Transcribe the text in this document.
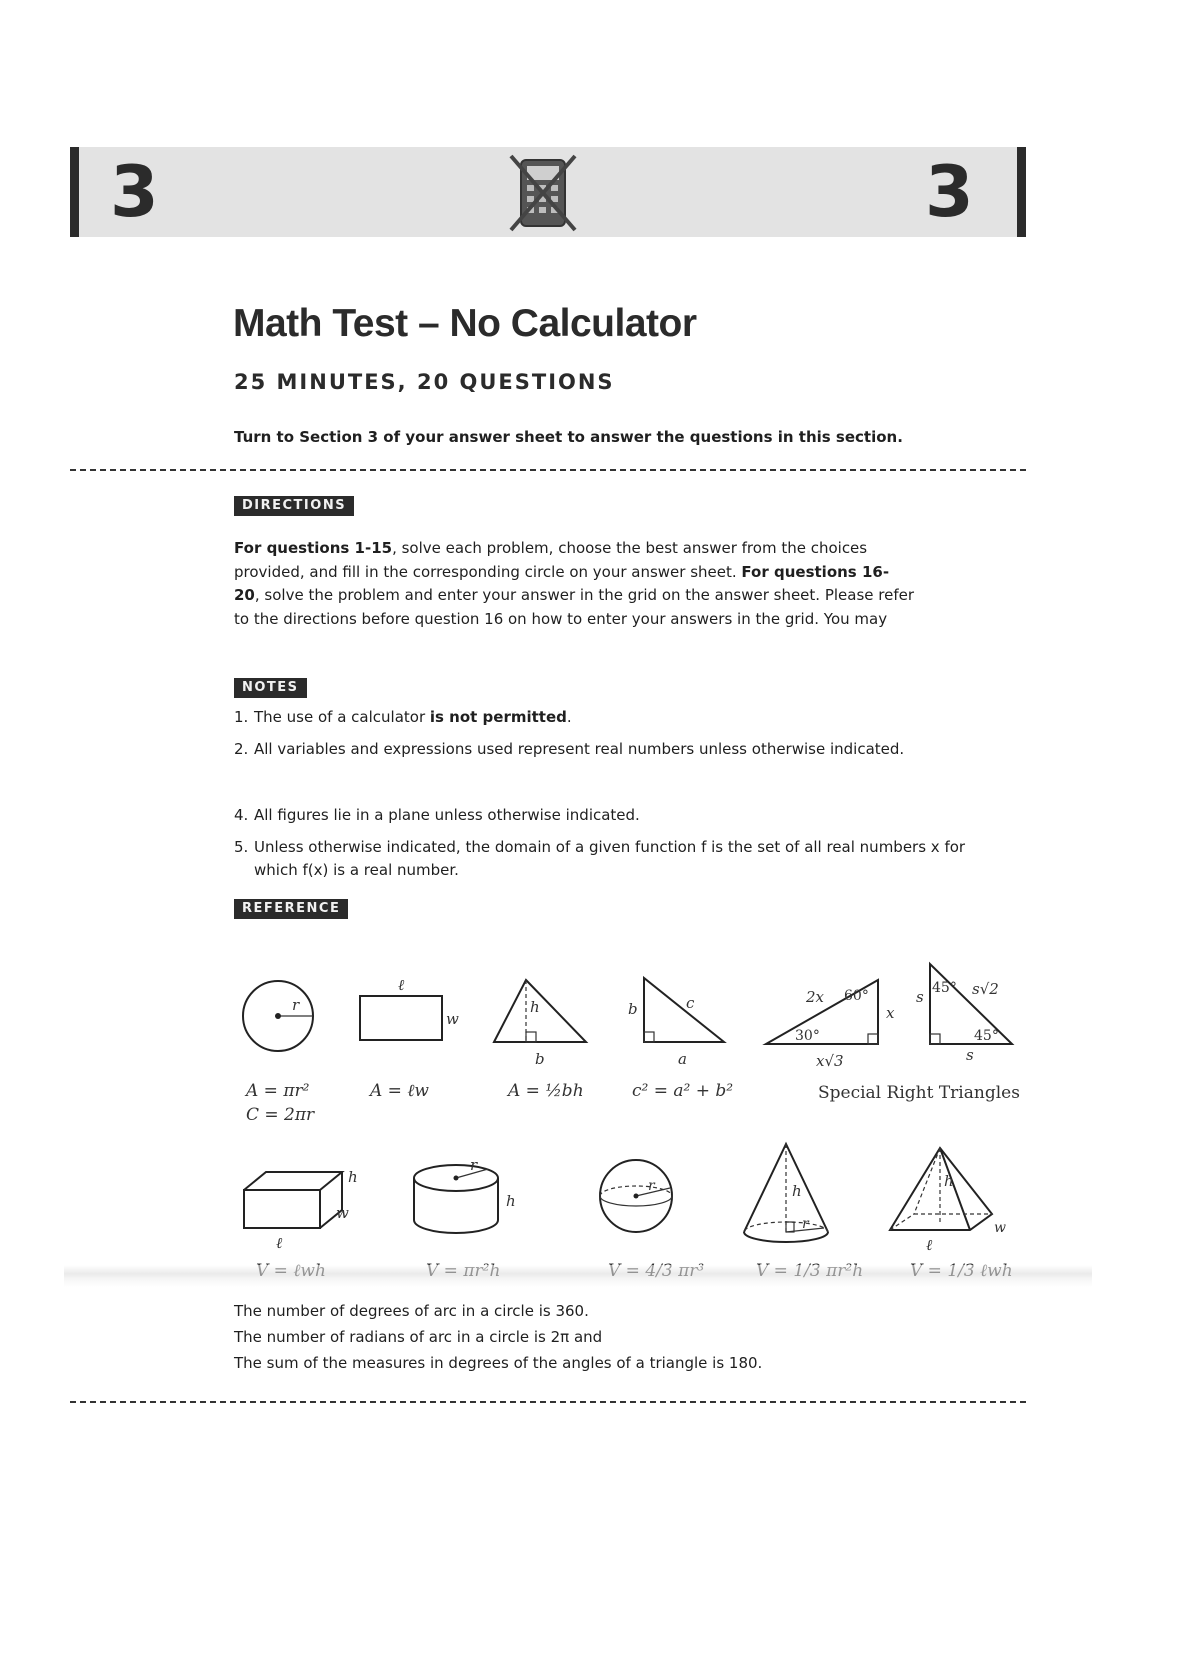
3	3
Math Test – No Calculator
25 MINUTES, 20 QUESTIONS
Turn to Section 3 of your answer sheet to answer the questions in this section.
DIRECTIONS
For questions 1-15, solve each problem, choose the best answer from the choices
provided, and fill in the corresponding circle on your answer sheet. For questions 16-
20, solve the problem and enter your answer in the grid on the answer sheet. Please refer
to the directions before question 16 on how to enter your answers in the grid. You may
NOTES
1. The use of a calculator is not permitted.
2. All variables and expressions used represent real numbers unless otherwise indicated.
4. All figures lie in a plane unless otherwise indicated.
5. Unless otherwise indicated, the domain of a given function f is the set of all real numbers x for
which f(x) is a real number.
REFERENCE
r
A = πr²
C = 2πr
ℓ
w
A = ℓw
h
b
A = ½bh
b	c
a
c² = a² + b²
2x
x
60°
30°
x√3
s 45° s√2
45°
s
Special Right Triangles
h
w
ℓ
r
h
r	h
r
h
w
ℓ
The number of degrees of arc in a circle is 360.
The number of radians of arc in a circle is 2π and
The sum of the measures in degrees of the angles of a triangle is 180.
